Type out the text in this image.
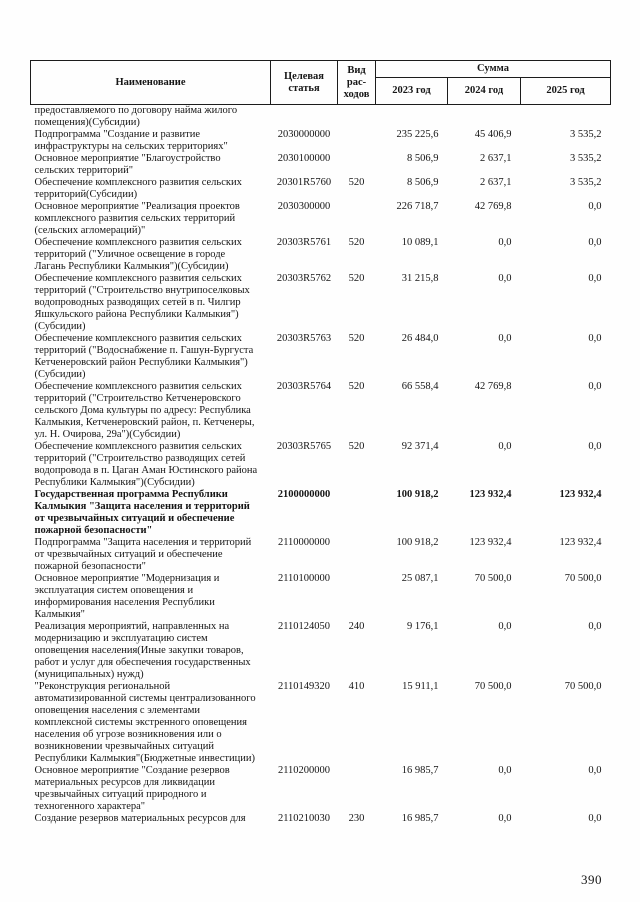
Наименование	Целевая статья	Вид рас-ходов	Сумма		
			2023 год	2024 год	2025 год
предоставляемого по договору найма жилого помещения)(Субсидии)					
Подпрограмма "Создание и развитие инфраструктуры на сельских территориях"	2030000000		235 225,6	45 406,9	3 535,2
Основное мероприятие "Благоустройство сельских территорий"	2030100000		8 506,9	2 637,1	3 535,2
Обеспечение комплексного развития сельских территорий(Субсидии)	20301R5760	520	8 506,9	2 637,1	3 535,2
Основное мероприятие "Реализация проектов комплексного развития сельских территорий (сельских агломераций)"	2030300000		226 718,7	42 769,8	0,0
Обеспечение комплексного развития сельских территорий ("Уличное освещение в городе Лагань Республики Калмыкия")(Субсидии)	20303R5761	520	10 089,1	0,0	0,0
Обеспечение комплексного развития сельских территорий ("Строительство внутрипоселковых водопроводных разводящих сетей в п. Чилгир Яшкульского района Республики Калмыкия")(Субсидии)	20303R5762	520	31 215,8	0,0	0,0
Обеспечение комплексного развития сельских территорий ("Водоснабжение п. Гашун-Бургуста Кетченеровский район Республики Калмыкия")(Субсидии)	20303R5763	520	26 484,0	0,0	0,0
Обеспечение комплексного развития сельских территорий ("Строительство Кетченеровского сельского Дома культуры по адресу: Республика Калмыкия, Кетченеровский район, п. Кетченеры, ул. Н. Очирова, 29а")(Субсидии)	20303R5764	520	66 558,4	42 769,8	0,0
Обеспечение комплексного развития сельских территорий ("Строительство разводящих сетей водопровода в п. Цаган Аман Юстинского района Республики Калмыкия")(Субсидии)	20303R5765	520	92 371,4	0,0	0,0
Государственная программа Республики Калмыкия "Защита населения и территорий от чрезвычайных ситуаций и обеспечение пожарной безопасности"	2100000000		100 918,2	123 932,4	123 932,4
Подпрограмма "Защита населения и территорий от чрезвычайных ситуаций и обеспечение пожарной безопасности"	2110000000		100 918,2	123 932,4	123 932,4
Основное мероприятие "Модернизация и эксплуатация систем оповещения и информирования населения Республики Калмыкия"	2110100000		25 087,1	70 500,0	70 500,0
Реализация мероприятий, направленных на модернизацию и эксплуатацию систем оповещения населения(Иные закупки товаров, работ и услуг для обеспечения государственных (муниципальных) нужд)	2110124050	240	9 176,1	0,0	0,0
"Реконструкция региональной автоматизированной системы централизованного оповещения населения с элементами комплексной системы экстренного оповещения населения об угрозе возникновения или о возникновении чрезвычайных ситуаций Республики Калмыкия"(Бюджетные инвестиции)	2110149320	410	15 911,1	70 500,0	70 500,0
Основное мероприятие "Создание резервов материальных ресурсов для ликвидации чрезвычайных ситуаций природного и техногенного характера"	2110200000		16 985,7	0,0	0,0
Создание резервов материальных ресурсов для	2110210030	230	16 985,7	0,0	0,0
390
